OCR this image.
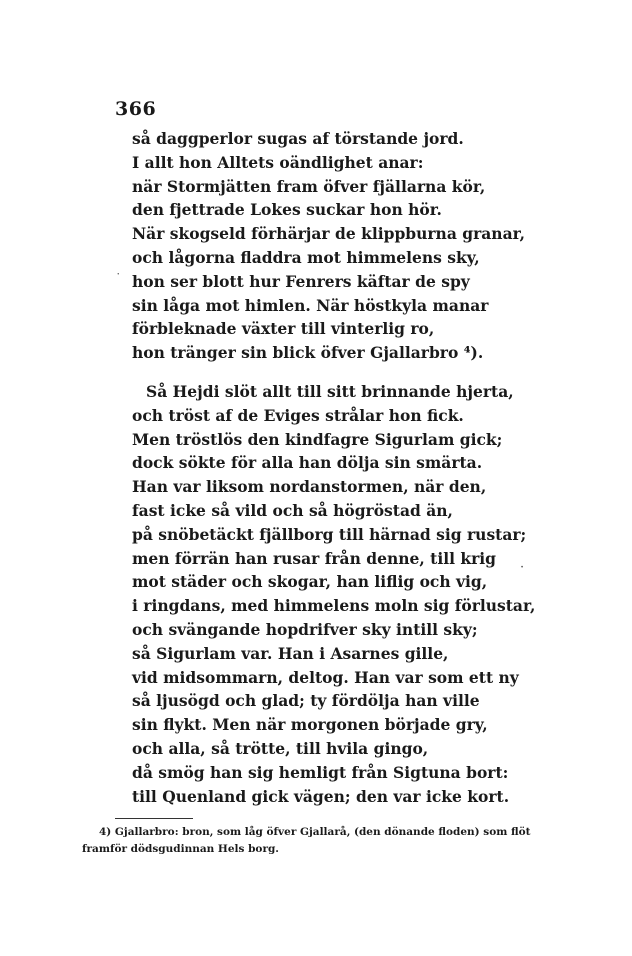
366
så daggperlor sugas af törstande jord.
I allt hon Alltets oändlighet anar:
när Stormjätten fram öfver fjällarna kör,
den fjettrade Lokes suckar hon hör.
När skogseld förhärjar de klippburna granar,
och lågorna fladdra mot himmelens sky,
hon ser blott hur Fenrers käftar de spy
sin låga mot himlen. När höstkyla manar
förbleknade växter till vinterlig ro,
hon tränger sin blick öfver Gjallarbro ⁴).
Så Hejdi slöt allt till sitt brinnande hjerta,
och tröst af de Eviges strålar hon fick.
Men tröstlös den kindfagre Sigurlam gick;
dock sökte för alla han dölja sin smärta.
Han var liksom nordanstormen, när den,
fast icke så vild och så högröstad än,
på snöbetäckt fjällborg till härnad sig rustar;
men förrän han rusar från denne, till krig
mot städer och skogar, han liflig och vig,
i ringdans, med himmelens moln sig förlustar,
och svängande hopdrifver sky intill sky;
så Sigurlam var. Han i Asarnes gille,
vid midsommarn, deltog. Han var som ett ny
så ljusögd och glad; ty fördölja han ville
sin flykt. Men när morgonen började gry,
och alla, så trötte, till hvila gingo,
då smög han sig hemligt från Sigtuna bort:
till Quenland gick vägen; den var icke kort.
˙
·
4) Gjallarbro: bron, som låg öfver Gjallarå, (den dönande floden) som flöt
framför dödsgudinnan Hels borg.
